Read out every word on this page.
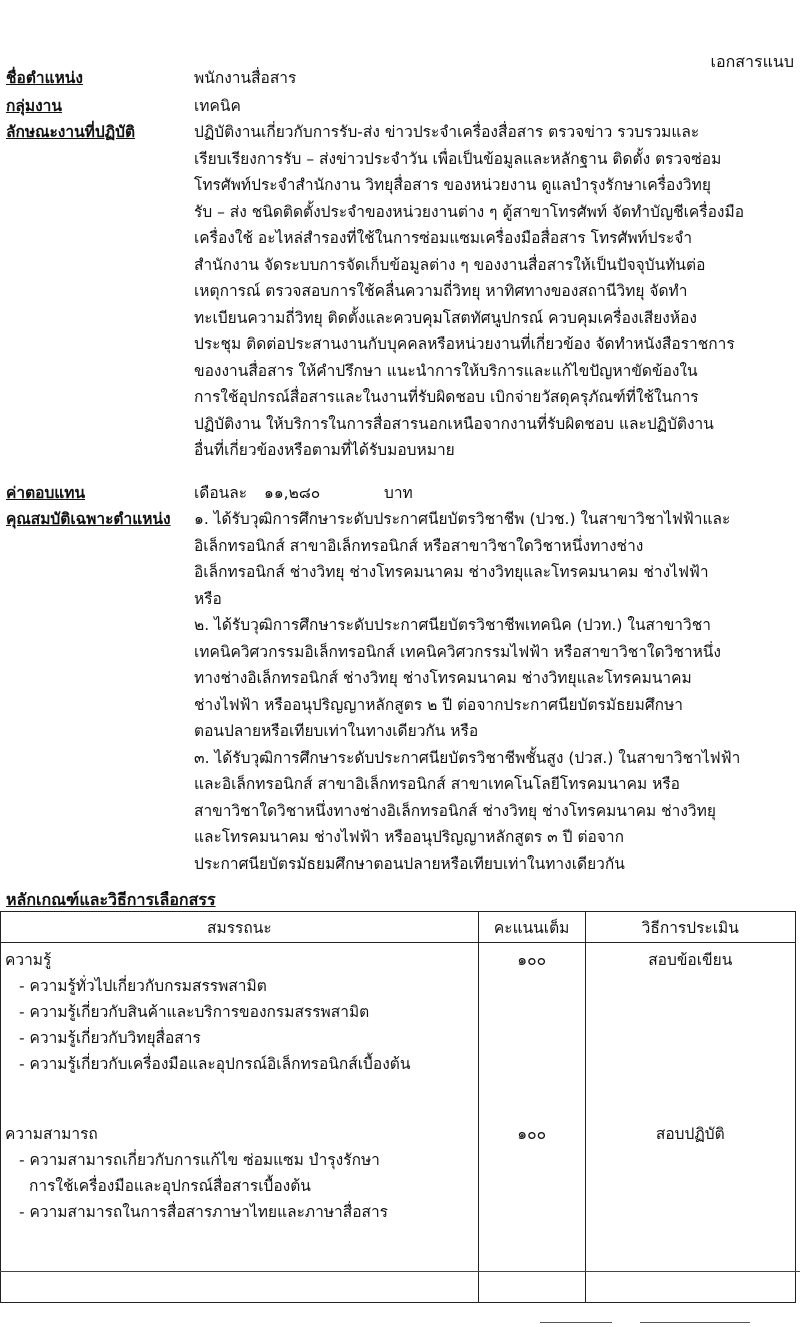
เอกสารแนบ
ชื่อตำแหน่ง	พนักงานสื่อสาร
กลุ่มงาน	เทคนิค
ลักษณะงานที่ปฏิบัติ	ปฏิบัติงานเกี่ยวกับการรับ-ส่ง ข่าวประจำเครื่องสื่อสาร ตรวจข่าว รวบรวมและ
เรียบเรียงการรับ – ส่งข่าวประจำวัน เพื่อเป็นข้อมูลและหลักฐาน ติดตั้ง ตรวจซ่อม
โทรศัพท์ประจำสำนักงาน วิทยุสื่อสาร ของหน่วยงาน ดูแลบำรุงรักษาเครื่องวิทยุ
รับ – ส่ง ชนิดติดตั้งประจำของหน่วยงานต่าง ๆ ตู้สาขาโทรศัพท์ จัดทำบัญชีเครื่องมือ
เครื่องใช้ อะไหล่สำรองที่ใช้ในการซ่อมแซมเครื่องมือสื่อสาร โทรศัพท์ประจำ
สำนักงาน จัดระบบการจัดเก็บข้อมูลต่าง ๆ ของงานสื่อสารให้เป็นปัจจุบันทันต่อ
เหตุการณ์ ตรวจสอบการใช้คลื่นความถี่วิทยุ หาทิศทางของสถานีวิทยุ จัดทำ
ทะเบียนความถี่วิทยุ ติดตั้งและควบคุมโสตทัศนูปกรณ์ ควบคุมเครื่องเสียงห้อง
ประชุม ติดต่อประสานงานกับบุคคลหรือหน่วยงานที่เกี่ยวข้อง จัดทำหนังสือราชการ
ของงานสื่อสาร ให้คำปรึกษา แนะนำการให้บริการและแก้ไขปัญหาขัดข้องใน
การใช้อุปกรณ์สื่อสารและในงานที่รับผิดชอบ เบิกจ่ายวัสดุครุภัณฑ์ที่ใช้ในการ
ปฏิบัติงาน ให้บริการในการสื่อสารนอกเหนือจากงานที่รับผิดชอบ และปฏิบัติงาน
อื่นที่เกี่ยวข้องหรือตามที่ได้รับมอบหมาย
ค่าตอบแทน	เดือนละ ๑๑,๒๘๐	บาท
คุณสมบัติเฉพาะตำแหน่ง ๑. ได้รับวุฒิการศึกษาระดับประกาศนียบัตรวิชาชีพ (ปวช.) ในสาขาวิชาไฟฟ้าและ
อิเล็กทรอนิกส์ สาขาอิเล็กทรอนิกส์ หรือสาขาวิชาใดวิชาหนึ่งทางช่าง
อิเล็กทรอนิกส์ ช่างวิทยุ ช่างโทรคมนาคม ช่างวิทยุและโทรคมนาคม ช่างไฟฟ้า
หรือ
๒. ได้รับวุฒิการศึกษาระดับประกาศนียบัตรวิชาชีพเทคนิค (ปวท.) ในสาขาวิชา
เทคนิควิศวกรรมอิเล็กทรอนิกส์ เทคนิควิศวกรรมไฟฟ้า หรือสาขาวิชาใดวิชาหนึ่ง
ทางช่างอิเล็กทรอนิกส์ ช่างวิทยุ ช่างโทรคมนาคม ช่างวิทยุและโทรคมนาคม
ช่างไฟฟ้า หรืออนุปริญญาหลักสูตร ๒ ปี ต่อจากประกาศนียบัตรมัธยมศึกษา
ตอนปลายหรือเทียบเท่าในทางเดียวกัน หรือ
๓. ได้รับวุฒิการศึกษาระดับประกาศนียบัตรวิชาชีพชั้นสูง (ปวส.) ในสาขาวิชาไฟฟ้า
และอิเล็กทรอนิกส์ สาขาอิเล็กทรอนิกส์ สาขาเทคโนโลยีโทรคมนาคม หรือ
สาขาวิชาใดวิชาหนึ่งทางช่างอิเล็กทรอนิกส์ ช่างวิทยุ ช่างโทรคมนาคม ช่างวิทยุ
และโทรคมนาคม ช่างไฟฟ้า หรืออนุปริญญาหลักสูตร ๓ ปี ต่อจาก
ประกาศนียบัตรมัธยมศึกษาตอนปลายหรือเทียบเท่าในทางเดียวกัน
หลักเกณฑ์และวิธีการเลือกสรร
สมรรถนะ	คะแนนเต็ม	วิธีการประเมิน

ความรู้
- ความรู้ทั่วไปเกี่ยวกับกรมสรรพสามิต
- ความรู้เกี่ยวกับสินค้าและบริการของกรมสรรพสามิต
- ความรู้เกี่ยวกับวิทยุสื่อสาร
- ความรู้เกี่ยวกับเครื่องมือและอุปกรณ์อิเล็กทรอนิกส์เบื้องต้น	๑๐๐	สอบข้อเขียน

ความสามารถ
- ความสามารถเกี่ยวกับการแก้ไข ซ่อมแซม บำรุงรักษา
การใช้เครื่องมือและอุปกรณ์สื่อสารเบื้องต้น
- ความสามารถในการสื่อสารภาษาไทยและภาษาสื่อสาร	๑๐๐	สอบปฏิบัติ
